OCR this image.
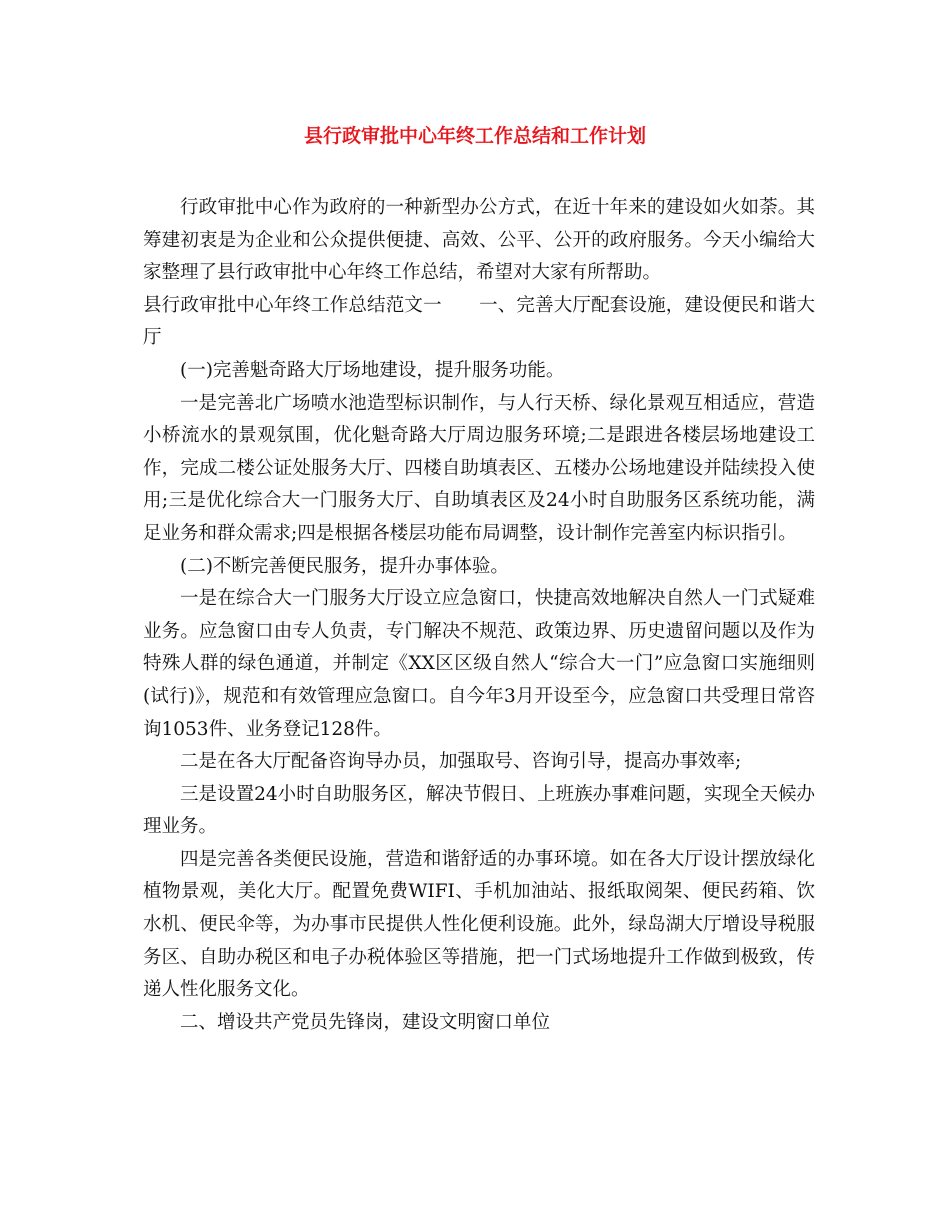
县行政审批中心年终工作总结和工作计划

行政审批中心作为政府的一种新型办公方式，在近十年来的建设如火如荼。其筹建初衷是为企业和公众提供便捷、高效、公平、公开的政府服务。今天小编给大家整理了县行政审批中心年终工作总结，希望对大家有所帮助。

县行政审批中心年终工作总结范文一　　一、完善大厅配套设施，建设便民和谐大厅

(一)完善魁奇路大厅场地建设，提升服务功能。

一是完善北广场喷水池造型标识制作，与人行天桥、绿化景观互相适应，营造小桥流水的景观氛围，优化魁奇路大厅周边服务环境;二是跟进各楼层场地建设工作，完成二楼公证处服务大厅、四楼自助填表区、五楼办公场地建设并陆续投入使用;三是优化综合大一门服务大厅、自助填表区及24小时自助服务区系统功能，满足业务和群众需求;四是根据各楼层功能布局调整，设计制作完善室内标识指引。

(二)不断完善便民服务，提升办事体验。

一是在综合大一门服务大厅设立应急窗口，快捷高效地解决自然人一门式疑难业务。应急窗口由专人负责，专门解决不规范、政策边界、历史遗留问题以及作为特殊人群的绿色通道，并制定《XX区区级自然人“综合大一门”应急窗口实施细则(试行)》，规范和有效管理应急窗口。自今年3月开设至今，应急窗口共受理日常咨询1053件、业务登记128件。

二是在各大厅配备咨询导办员，加强取号、咨询引导，提高办事效率;

三是设置24小时自助服务区，解决节假日、上班族办事难问题，实现全天候办理业务。

四是完善各类便民设施，营造和谐舒适的办事环境。如在各大厅设计摆放绿化植物景观，美化大厅。配置免费WIFI、手机加油站、报纸取阅架、便民药箱、饮水机、便民伞等，为办事市民提供人性化便利设施。此外，绿岛湖大厅增设导税服务区、自助办税区和电子办税体验区等措施，把一门式场地提升工作做到极致，传递人性化服务文化。

二、增设共产党员先锋岗，建设文明窗口单位
